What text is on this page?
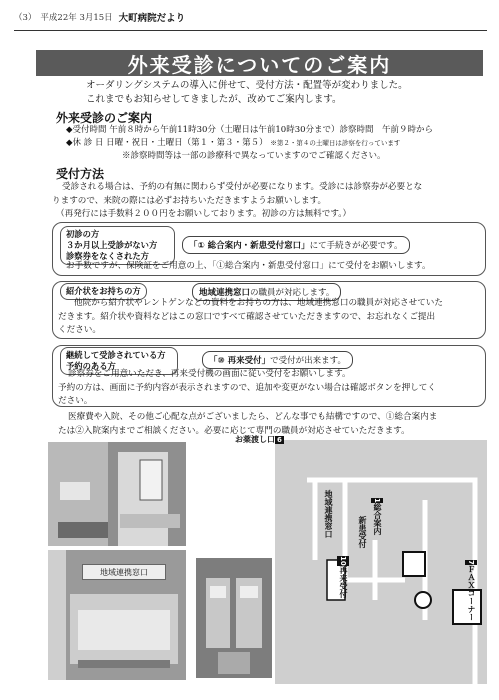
（3） 平成22年 3月15日 大町病院だより
外来受診についてのご案内
オーダリングシステムの導入に併せて、受付方法・配置等が変わりました。
これまでもお知らせしてきましたが、改めてご案内します。
外来受診のご案内
◆受付時間 午前８時から午前11時30分（土曜日は午前10時30分まで）診察時間　午前９時から
◆休 診 日 日曜・祝日・土曜日（第１・第３・第５） ※第２・第４の土曜日は診察を行っています
※診察時間等は一部の診療科で異なっていますのでご確認ください。
受付方法
受診される場合は、予約の有無に関わらず受付が必要になります。受診には診察券が必要とな
りますので、来院の際には必ずお持ちいただきますようお願いします。
（再発行には手数料２００円をお願いしております。初診の方は無料です。）
初診の方
３か月以上受診がない方
診察券をなくされた方
「① 総合案内・新患受付窓口」にて手続きが必要です。
お手数ですが、保険証をご用意の上、「①総合案内・新患受付窓口」にて受付をお願いします。
紹介状をお持ちの方	地域連携窓口の職員が対応します。
他院から紹介状やレントゲンなどの資料をお持ちの方は、地域連携窓口の職員が対応させていた
だきます。紹介状や資料などはこの窓口ですべて確認させていただきますので、お忘れなくご提出
ください。
継続して受診されている方
予約のある方	「⑩ 再来受付」で受付が出来ます。
診察券をご用意いただき、再来受付機の画面に従い受付をお願いします。
予約の方は、画面に予約内容が表示されますので、追加や変更がない場合は確認ボタンを押してく
ださい。
医療費や入院、その他ご心配な点がございましたら、どんな事でも結構ですので、①総合案内ま
たは②入院案内までご相談ください。必要に応じて専門の職員が対応させていただきます。
地域連携窓口
お薬渡し口 6
1総合案内
新患受付
地域連携窓口
10再来受付
7ＦＡＸコーナー
